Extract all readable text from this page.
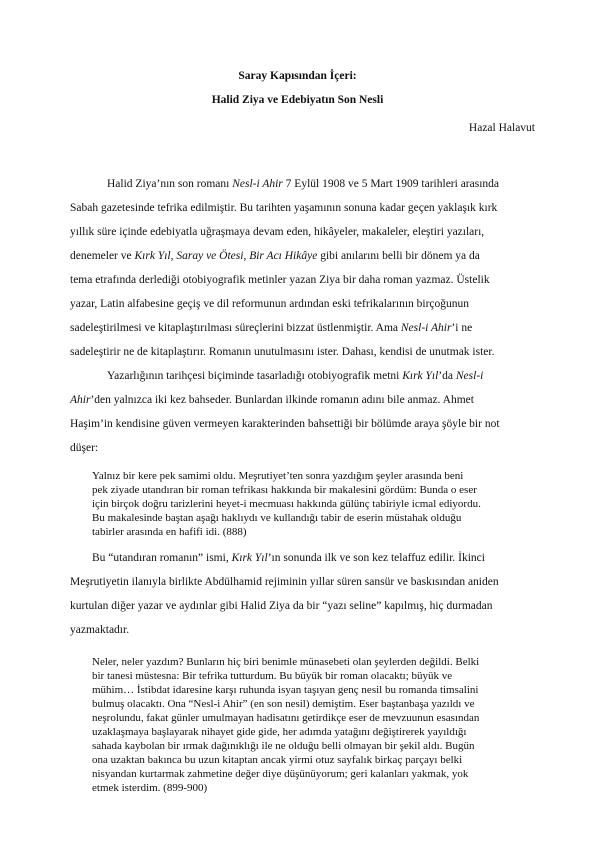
Saray Kapısından İçeri:
Halid Ziya ve Edebiyatın Son Nesli
Hazal Halavut
Halid Ziya’nın son romanı Nesl-i Ahir 7 Eylül 1908 ve 5 Mart 1909 tarihleri arasında
Sabah gazetesinde tefrika edilmiştir. Bu tarihten yaşamının sonuna kadar geçen yaklaşık kırk
yıllık süre içinde edebiyatla uğraşmaya devam eden, hikâyeler, makaleler, eleştiri yazıları,
denemeler ve Kırk Yıl, Saray ve Ötesi, Bir Acı Hikâye gibi anılarını belli bir dönem ya da
tema etrafında derlediği otobiyografik metinler yazan Ziya bir daha roman yazmaz. Üstelik
yazar, Latin alfabesine geçiş ve dil reformunun ardından eski tefrikalarının birçoğunun
sadeleştirilmesi ve kitaplaştırılması süreçlerini bizzat üstlenmiştir. Ama Nesl-i Ahir’i ne
sadeleştirir ne de kitaplaştırır. Romanın unutulmasını ister. Dahası, kendisi de unutmak ister.
Yazarlığının tarihçesi biçiminde tasarladığı otobiyografik metni Kırk Yıl’da Nesl-i
Ahir’den yalnızca iki kez bahseder. Bunlardan ilkinde romanın adını bile anmaz. Ahmet
Haşim’in kendisine güven vermeyen karakterinden bahsettiği bir bölümde araya şöyle bir not
düşer:
Yalnız bir kere pek samimi oldu. Meşrutiyet’ten sonra yazdığım şeyler arasında beni
pek ziyade utandıran bir roman tefrikası hakkında bir makalesini gördüm: Bunda o eser
için birçok doğru tarizlerini heyet-i mecmuası hakkında gülünç tabiriyle icmal ediyordu.
Bu makalesinde baştan aşağı haklıydı ve kullandığı tabir de eserin müstahak olduğu
tabirler arasında en hafifi idi. (888)
Bu “utandıran romanın” ismi, Kırk Yıl’ın sonunda ilk ve son kez telaffuz edilir. İkinci
Meşrutiyetin ilanıyla birlikte Abdülhamid rejiminin yıllar süren sansür ve baskısından aniden
kurtulan diğer yazar ve aydınlar gibi Halid Ziya da bir “yazı seline” kapılmış, hiç durmadan
yazmaktadır.
Neler, neler yazdım? Bunların hiç biri benimle münasebeti olan şeylerden değildi. Belki
bir tanesi müstesna: Bir tefrika tutturdum. Bu büyük bir roman olacaktı; büyük ve
mühim… İstibdat idaresine karşı ruhunda isyan taşıyan genç nesil bu romanda timsalini
bulmuş olacaktı. Ona “Nesl-i Ahir” (en son nesil) demiştim. Eser baştanbaşa yazıldı ve
neşrolundu, fakat günler umulmayan hadisatını getirdikçe eser de mevzuunun esasından
uzaklaşmaya başlayarak nihayet gide gide, her adımda yatağını değiştirerek yayıldığı
sahada kaybolan bir ırmak dağınıklığı ile ne olduğu belli olmayan bir şekil aldı. Bugün
ona uzaktan bakınca bu uzun kitaptan ancak yirmi otuz sayfalık birkaç parçayı belki
nisyandan kurtarmak zahmetine değer diye düşünüyorum; geri kalanları yakmak, yok
etmek isterdim. (899-900)
